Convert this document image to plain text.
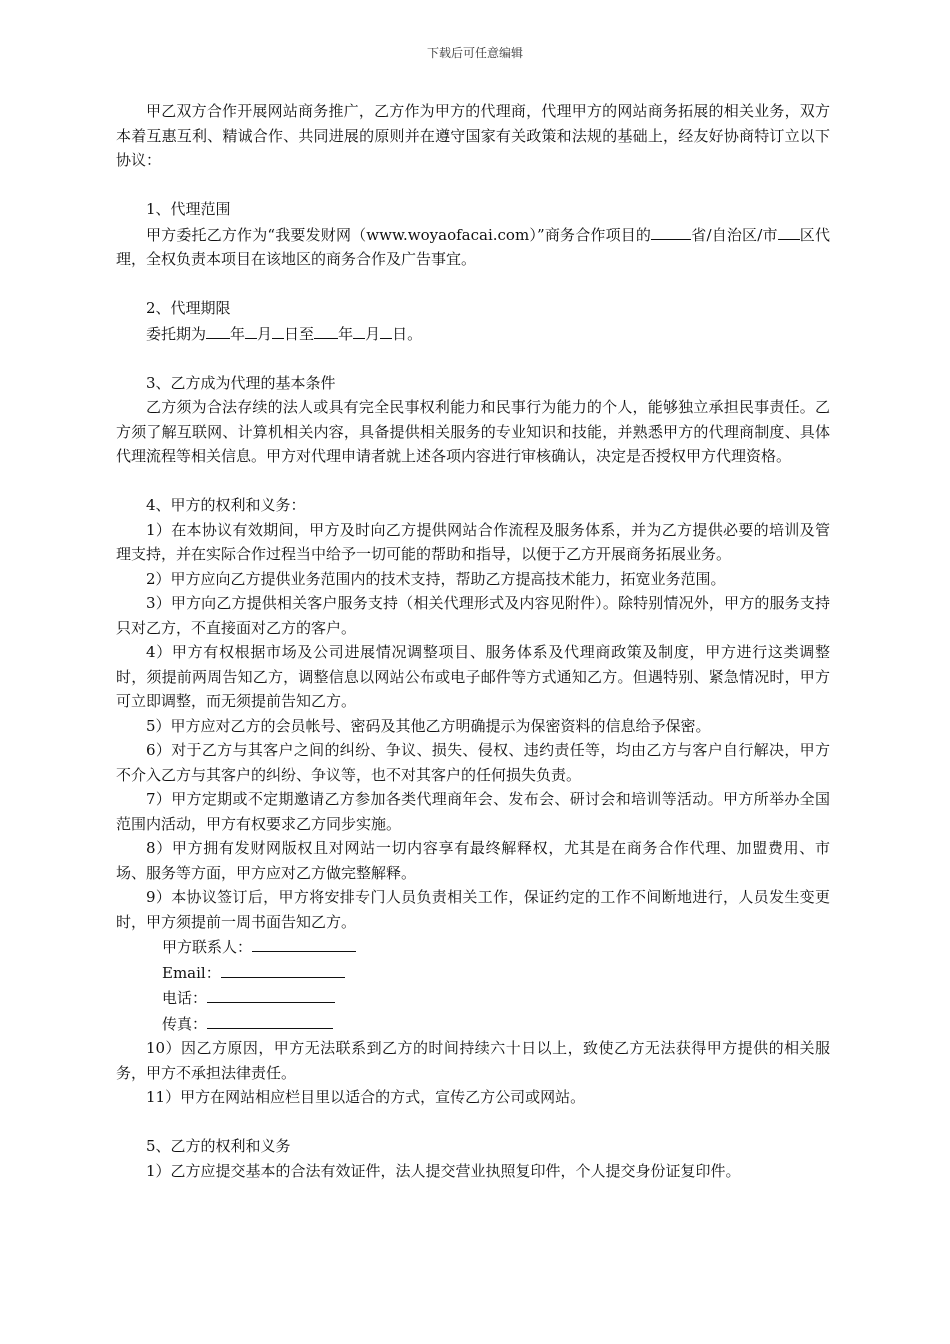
下载后可任意编辑

甲乙双方合作开展网站商务推广，乙方作为甲方的代理商，代理甲方的网站商务拓展的相关业务，双方本着互惠互利、精诚合作、共同进展的原则并在遵守国家有关政策和法规的基础上，经友好协商特订立以下协议：

1、代理范围

甲方委托乙方作为“我要发财网（www.woyaofacai.com）”商务合作项目的	省/自治区/市 区代理，全权负责本项目在该地区的商务合作及广告事宜。

2、代理期限

委托期为 年 月 日至 年 月 日。

3、乙方成为代理的基本条件

乙方须为合法存续的法人或具有完全民事权利能力和民事行为能力的个人，能够独立承担民事责任。乙方须了解互联网、计算机相关内容，具备提供相关服务的专业知识和技能，并熟悉甲方的代理商制度、具体代理流程等相关信息。甲方对代理申请者就上述各项内容进行审核确认，决定是否授权甲方代理资格。

4、甲方的权利和义务：

1）在本协议有效期间，甲方及时向乙方提供网站合作流程及服务体系，并为乙方提供必要的培训及管理支持，并在实际合作过程当中给予一切可能的帮助和指导，以便于乙方开展商务拓展业务。

2）甲方应向乙方提供业务范围内的技术支持，帮助乙方提高技术能力，拓宽业务范围。

3）甲方向乙方提供相关客户服务支持（相关代理形式及内容见附件）。除特别情况外，甲方的服务支持只对乙方，不直接面对乙方的客户。

4）甲方有权根据市场及公司进展情况调整项目、服务体系及代理商政策及制度，甲方进行这类调整时，须提前两周告知乙方，调整信息以网站公布或电子邮件等方式通知乙方。但遇特别、紧急情况时，甲方可立即调整，而无须提前告知乙方。

5）甲方应对乙方的会员帐号、密码及其他乙方明确提示为保密资料的信息给予保密。

6）对于乙方与其客户之间的纠纷、争议、损失、侵权、违约责任等，均由乙方与客户自行解决，甲方不介入乙方与其客户的纠纷、争议等，也不对其客户的任何损失负责。

7）甲方定期或不定期邀请乙方参加各类代理商年会、发布会、研讨会和培训等活动。甲方所举办全国范围内活动，甲方有权要求乙方同步实施。

8）甲方拥有发财网版权且对网站一切内容享有最终解释权，尤其是在商务合作代理、加盟费用、市场、服务等方面，甲方应对乙方做完整解释。

9）本协议签订后，甲方将安排专门人员负责相关工作，保证约定的工作不间断地进行，人员发生变更时，甲方须提前一周书面告知乙方。

甲方联系人：

Email：

电话：

传真：

10）因乙方原因，甲方无法联系到乙方的时间持续六十日以上，致使乙方无法获得甲方提供的相关服务，甲方不承担法律责任。

11）甲方在网站相应栏目里以适合的方式，宣传乙方公司或网站。

5、乙方的权利和义务

1）乙方应提交基本的合法有效证件，法人提交营业执照复印件，个人提交身份证复印件。
